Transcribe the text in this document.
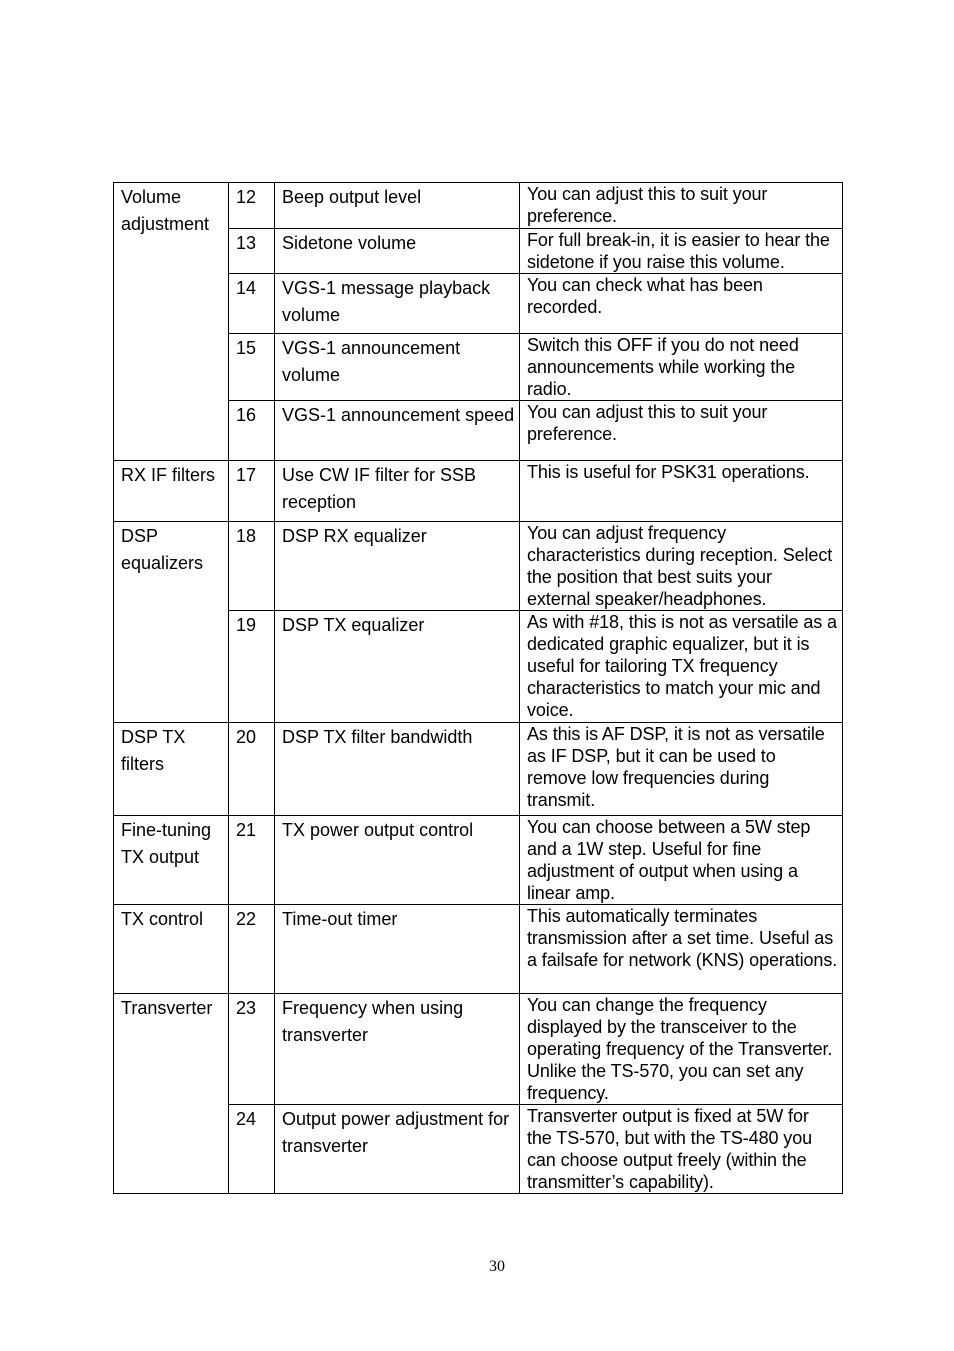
Volume adjustment	12	Beep output level	You can adjust this to suit your preference.

	13	Sidetone volume	For full break-in, it is easier to hear the sidetone if you raise this volume.

	14	VGS-1 message playback volume	You can check what has been recorded.

	15	VGS-1 announcement volume	Switch this OFF if you do not need announcements while working the radio.

	16	VGS-1 announcement speed	You can adjust this to suit your preference.

RX IF filters	17	Use CW IF filter for SSB reception	This is useful for PSK31 operations.

DSP equalizers	18	DSP RX equalizer	You can adjust frequency characteristics during reception. Select the position that best suits your external speaker/headphones.

	19	DSP TX equalizer	As with #18, this is not as versatile as a dedicated graphic equalizer, but it is useful for tailoring TX frequency characteristics to match your mic and voice.

DSP TX filters	20	DSP TX filter bandwidth	As this is AF DSP, it is not as versatile as IF DSP, but it can be used to remove low frequencies during transmit.

Fine-tuning TX output	21	TX power output control	You can choose between a 5W step and a 1W step. Useful for fine adjustment of output when using a linear amp.

TX control	22	Time-out timer	This automatically terminates transmission after a set time. Useful as a failsafe for network (KNS) operations.

Transverter	23	Frequency when using transverter	You can change the frequency displayed by the transceiver to the operating frequency of the Transverter. Unlike the TS-570, you can set any frequency.

	24	Output power adjustment for transverter	Transverter output is fixed at 5W for the TS-570, but with the TS-480 you can choose output freely (within the transmitter’s capability).
30
